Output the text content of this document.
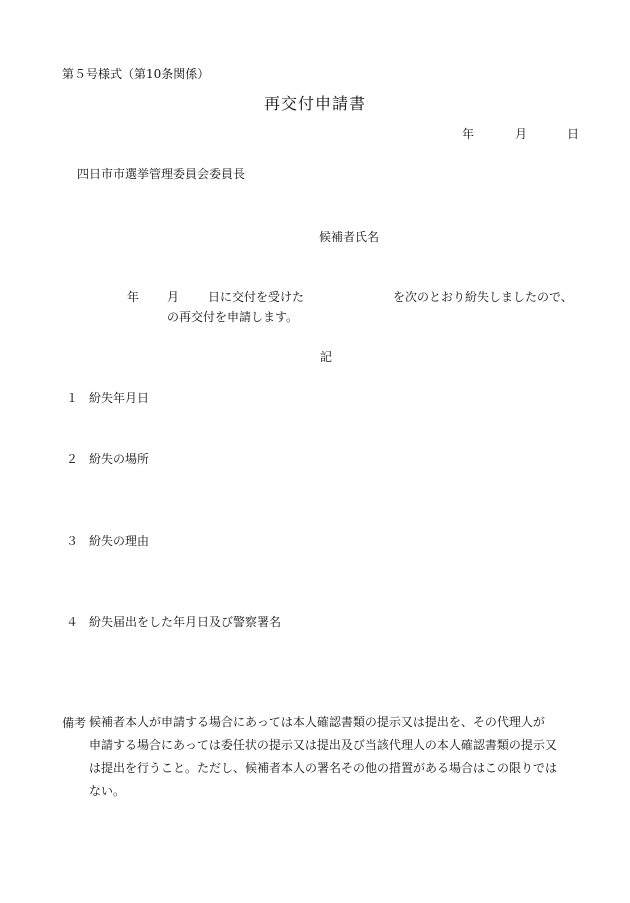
第５号様式（第10条関係）
再交付申請書
年	月	日
四日市市選挙管理委員会委員長
候補者氏名
年 月 日に交付を受けた	を次のとおり紛失しましたので、
の再交付を申請します。
記
１ 紛失年月日
２ 紛失の場所
３ 紛失の理由
４ 紛失届出をした年月日及び警察署名
備考 候補者本人が申請する場合にあっては本人確認書類の提示又は提出を、その代理人が
申請する場合にあっては委任状の提示又は提出及び当該代理人の本人確認書類の提示又
は提出を行うこと。ただし、候補者本人の署名その他の措置がある場合はこの限りでは
ない。
